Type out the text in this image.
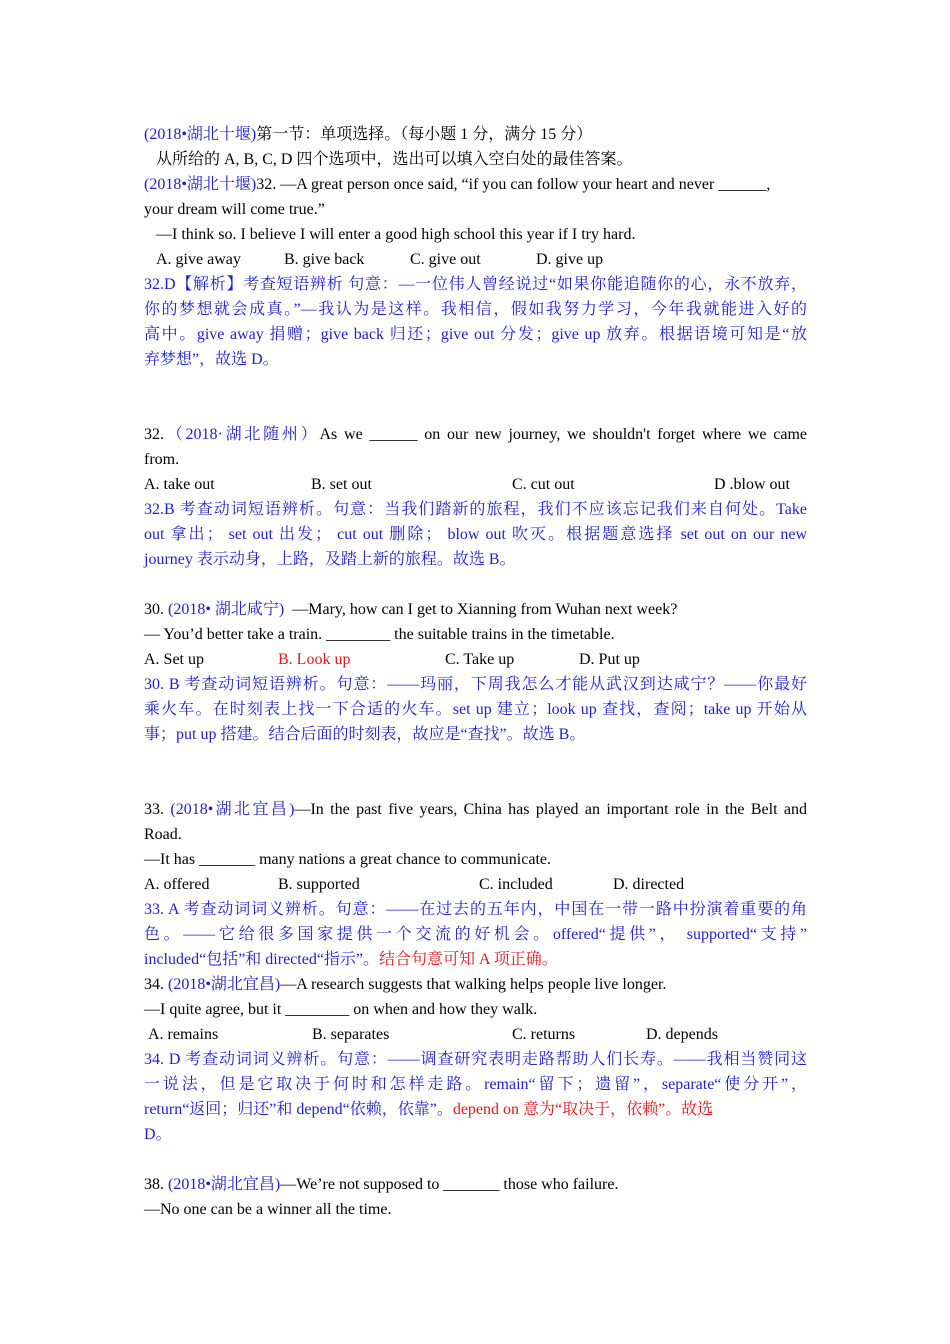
(2018•湖北十堰)第一节：单项选择。（每小题 1 分，满分 15 分）
从所给的 A, B, C, D 四个选项中，选出可以填入空白处的最佳答案。
(2018•湖北十堰)32. —A great person once said, “if you can follow your heart and never ______,
your dream will come true.”
—I think so. I believe I will enter a good high school this year if I try hard.
A. give away	B. give back	C. give out	D. give up
32.D【解析】考查短语辨析 句意：—一位伟人曾经说过“如果你能追随你的心，永不放弃，
你的梦想就会成真。”—我认为是这样。我相信，假如我努力学习，今年我就能进入好的
高中。give away 捐赠；give back 归还；give out 分发；give up 放弃。根据语境可知是“放
弃梦想”，故选 D。
32.（2018·湖北随州）As we ______ on our new journey, we shouldn't forget where we came
from.
A. take out	B. set out	C. cut out	D .blow out
32.B 考查动词短语辨析。句意：当我们踏新的旅程，我们不应该忘记我们来自何处。Take
out 拿出； set out 出发； cut out 删除； blow out 吹灭。根据题意选择 set out on our new
journey 表示动身，上路，及踏上新的旅程。故选 B。
30. (2018• 湖北咸宁) —Mary, how can I get to Xianning from Wuhan next week?
— You’d better take a train. ________ the suitable trains in the timetable.
A. Set up	B. Look up	C. Take up	D. Put up
30. B 考查动词短语辨析。句意：——玛丽，下周我怎么才能从武汉到达咸宁？——你最好
乘火车。在时刻表上找一下合适的火车。set up 建立；look up 查找，查阅；take up 开始从
事；put up 搭建。结合后面的时刻表，故应是“查找”。故选 B。
33. (2018•湖北宜昌)—In the past five years, China has played an important role in the Belt and
Road.
—It has _______ many nations a great chance to communicate.
A. offered	B. supported	C. included	D. directed
33. A 考查动词词义辨析。句意：——在过去的五年内，中国在一带一路中扮演着重要的角
色。——它给很多国家提供一个交流的好机会。offered“提供”， supported“支持”
included“包括”和 directed“指示”。结合句意可知 A 项正确。
34. (2018•湖北宜昌)—A research suggests that walking helps people live longer.
—I quite agree, but it ________ on when and how they walk.
A. remains	B. separates	C. returns	D. depends
34. D 考查动词词义辨析。句意：——调查研究表明走路帮助人们长寿。——我相当赞同这
一说法，但是它取决于何时和怎样走路。remain“留下；遗留”，separate“使分开”，
return“返回；归还”和 depend“依赖，依靠”。depend on 意为“取决于，依赖”。故选
D。
38. (2018•湖北宜昌)—We’re not supposed to _______ those who failure.
—No one can be a winner all the time.
